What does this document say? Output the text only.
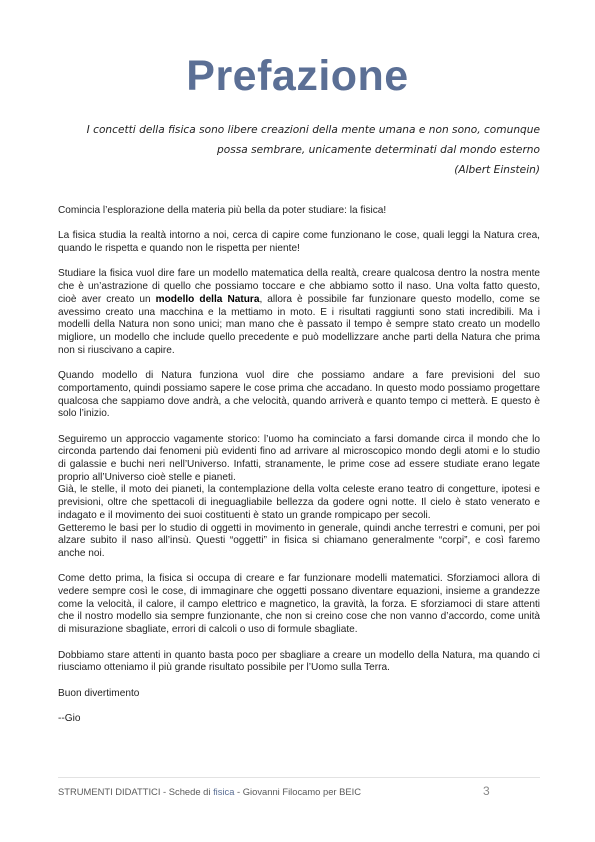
Prefazione
I concetti della fisica sono libere creazioni della mente umana e non sono, comunque
possa sembrare, unicamente determinati dal mondo esterno
(Albert Einstein)

Comincia l’esplorazione della materia più bella da poter studiare: la fisica!

La fisica studia la realtà intorno a noi, cerca di capire come funzionano le cose, quali leggi la Natura crea, quando le rispetta e quando non le rispetta per niente!

Studiare la fisica vuol dire fare un modello matematica della realtà, creare qualcosa dentro la nostra mente che è un’astrazione di quello che possiamo toccare e che abbiamo sotto il naso. Una volta fatto questo, cioè aver creato un modello della Natura, allora è possibile far funzionare questo modello, come se avessimo creato una macchina e la mettiamo in moto. E i risultati raggiunti sono stati incredibili. Ma i modelli della Natura non sono unici; man mano che è passato il tempo è sempre stato creato un modello migliore, un modello che include quello precedente e può modellizzare anche parti della Natura che prima non si riuscivano a capire.

Quando modello di Natura funziona vuol dire che possiamo andare a fare previsioni del suo comportamento, quindi possiamo sapere le cose prima che accadano. In questo modo possiamo progettare qualcosa che sappiamo dove andrà, a che velocità, quando arriverà e quanto tempo ci metterà. E questo è solo l’inizio.

Seguiremo un approccio vagamente storico: l’uomo ha cominciato a farsi domande circa il mondo che lo circonda partendo dai fenomeni più evidenti fino ad arrivare al microscopico mondo degli atomi e lo studio di galassie e buchi neri nell’Universo. Infatti, stranamente, le prime cose ad essere studiate erano legate proprio all’Universo cioè stelle e pianeti.

Già, le stelle, il moto dei pianeti, la contemplazione della volta celeste erano teatro di congetture, ipotesi e previsioni, oltre che spettacoli di ineguagliabile bellezza da godere ogni notte. Il cielo è stato venerato e indagato e il movimento dei suoi costituenti è stato un grande rompicapo per secoli.

Getteremo le basi per lo studio di oggetti in movimento in generale, quindi anche terrestri e comuni, per poi alzare subito il naso all’insù. Questi “oggetti” in fisica si chiamano generalmente “corpi”, e così faremo anche noi.

Come detto prima, la fisica si occupa di creare e far funzionare modelli matematici. Sforziamoci allora di vedere sempre così le cose, di immaginare che oggetti possano diventare equazioni, insieme a grandezze come la velocità, il calore, il campo elettrico e magnetico, la gravità, la forza. E sforziamoci di stare attenti che il nostro modello sia sempre funzionante, che non si creino cose che non vanno d’accordo, come unità di misurazione sbagliate, errori di calcoli o uso di formule sbagliate.

Dobbiamo stare attenti in quanto basta poco per sbagliare a creare un modello della Natura, ma quando ci riusciamo otteniamo il più grande risultato possibile per l’Uomo sulla Terra.

Buon divertimento

--Gio

STRUMENTI DIDATTICI - Schede di fisica - Giovanni Filocamo per BEIC	3
